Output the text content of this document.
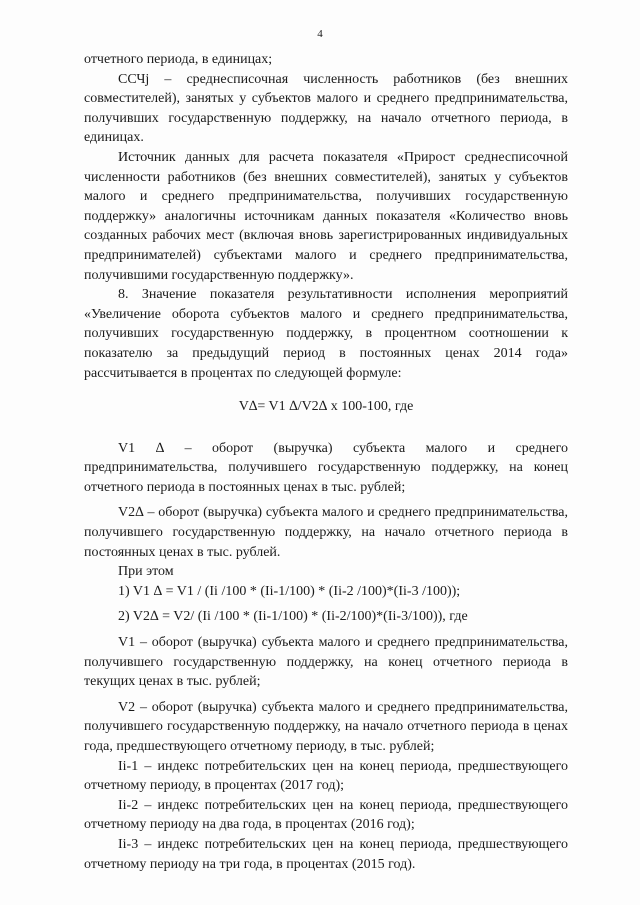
4

отчетного периода, в единицах;

ССЧj – среднесписочная численность работников (без внешних совместителей), занятых у субъектов малого и среднего предпринимательства, получивших государственную поддержку, на начало отчетного периода, в единицах.

Источник данных для расчета показателя «Прирост среднесписочной численности работников (без внешних совместителей), занятых у субъектов малого и среднего предпринимательства, получивших государственную поддержку» аналогичны источникам данных показателя «Количество вновь созданных рабочих мест (включая вновь зарегистрированных индивидуальных предпринимателей) субъектами малого и среднего предпринимательства, получившими государственную поддержку».

8. Значение показателя результативности исполнения мероприятий «Увеличение оборота субъектов малого и среднего предпринимательства, получивших государственную поддержку, в процентном соотношении к показателю за предыдущий период в постоянных ценах 2014 года» рассчитывается в процентах по следующей формуле:

V∆= V1 ∆/V2∆ x 100-100, где

V1 ∆ – оборот (выручка) субъекта малого и среднего предпринимательства, получившего государственную поддержку, на конец отчетного периода в постоянных ценах в тыс. рублей;

V2∆ – оборот (выручка) субъекта малого и среднего предпринимательства, получившего государственную поддержку, на начало отчетного периода в постоянных ценах в тыс. рублей.

При этом

1) V1 ∆ = V1 / (Ii /100 * (Ii-1/100) * (Ii-2 /100)*(Ii-3 /100));

2) V2∆ = V2/ (Ii /100 * (Ii-1/100) * (Ii-2/100)*(Ii-3/100)), где

V1 – оборот (выручка) субъекта малого и среднего предпринимательства, получившего государственную поддержку, на конец отчетного периода в текущих ценах в тыс. рублей;

V2 – оборот (выручка) субъекта малого и среднего предпринимательства, получившего государственную поддержку, на начало отчетного периода в ценах года, предшествующего отчетному периоду, в тыс. рублей;

Ii-1 – индекс потребительских цен на конец периода, предшествующего отчетному периоду, в процентах (2017 год);

Ii-2 – индекс потребительских цен на конец периода, предшествующего отчетному периоду на два года, в процентах (2016 год);

Ii-3 – индекс потребительских цен на конец периода, предшествующего отчетному периоду на три года, в процентах (2015 год).
